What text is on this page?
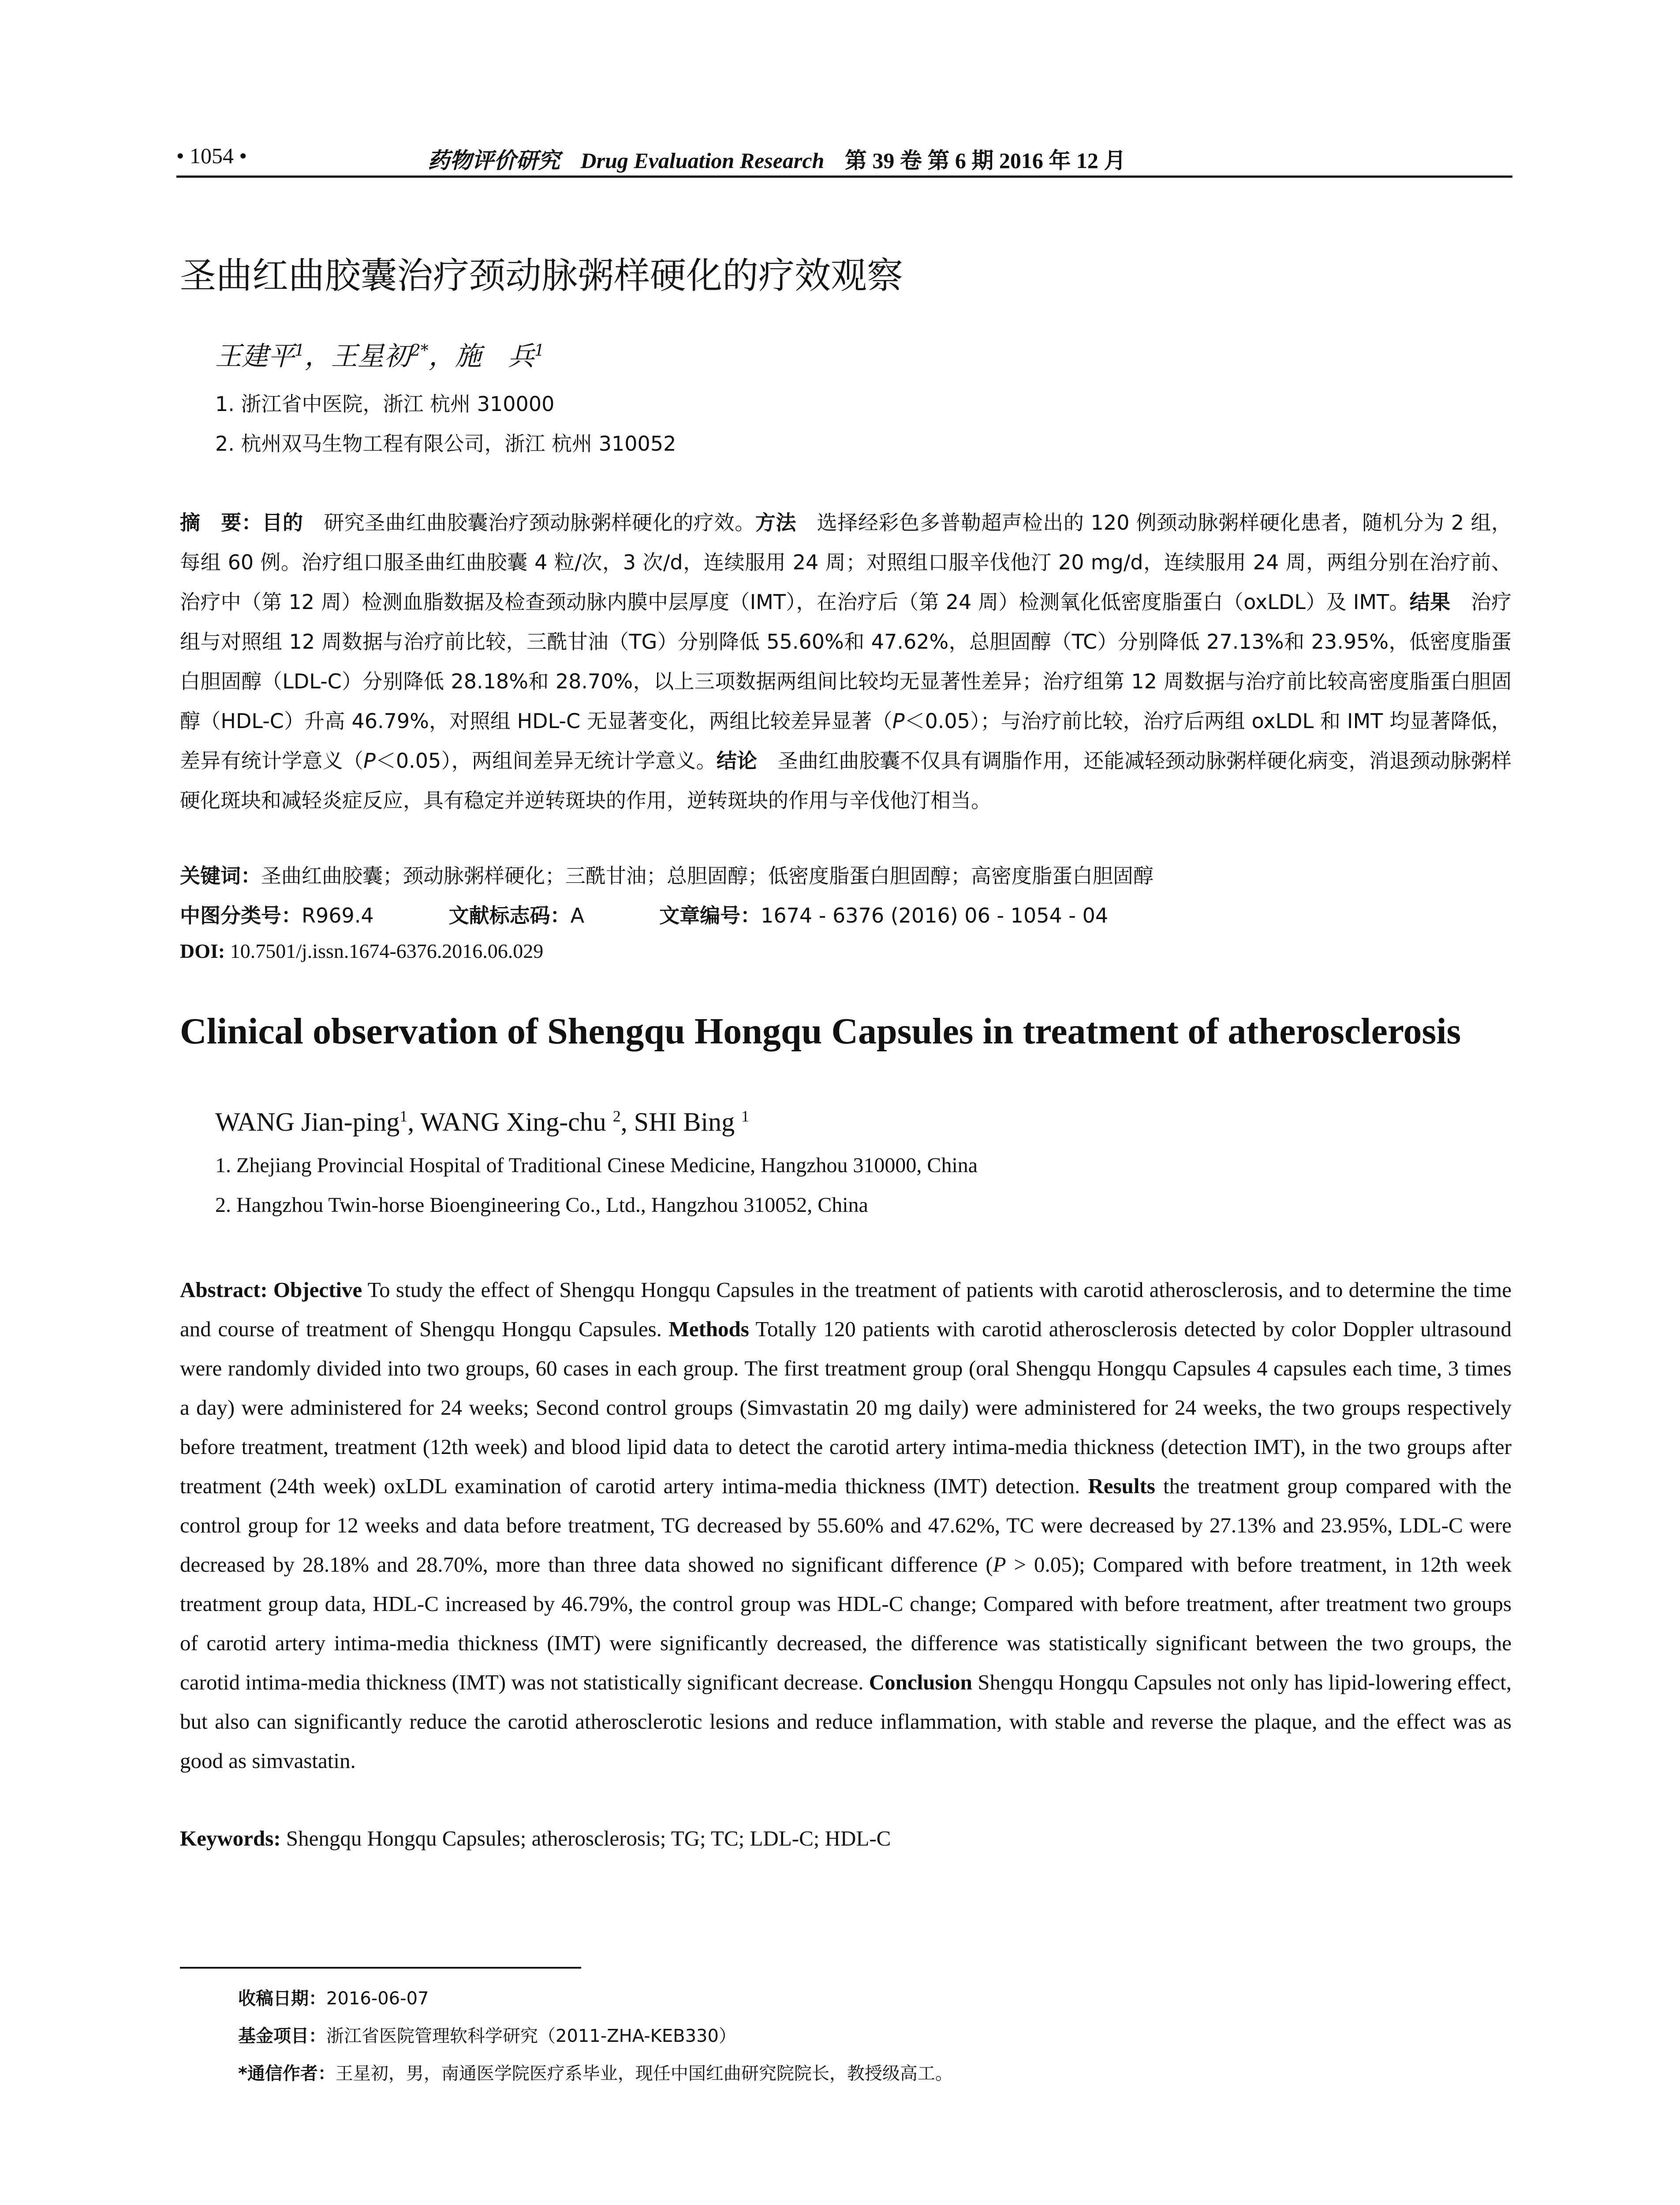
• 1054 •	药物评价研究 Drug Evaluation Research 第 39 卷 第 6 期 2016 年 12 月
圣曲红曲胶囊治疗颈动脉粥样硬化的疗效观察
王建平$^1$，王星初$^{2*}$，施　兵$^1$
1. 浙江省中医院，浙江 杭州 310000
2. 杭州双马生物工程有限公司，浙江 杭州 310052
摘　要：目的　研究圣曲红曲胶囊治疗颈动脉粥样硬化的疗效。方法　选择经彩色多普勒超声检出的 120 例颈动脉粥样硬化患者，随机分为 2 组，每组 60 例。治疗组口服圣曲红曲胶囊 4 粒/次，3 次/d，连续服用 24 周；对照组口服辛伐他汀 20 mg/d，连续服用 24 周，两组分别在治疗前、治疗中（第 12 周）检测血脂数据及检查颈动脉内膜中层厚度（IMT），在治疗后（第 24 周）检测氧化低密度脂蛋白（oxLDL）及 IMT。结果　治疗组与对照组 12 周数据与治疗前比较，三酰甘油（TG）分别降低 55.60%和 47.62%，总胆固醇（TC）分别降低 27.13%和 23.95%，低密度脂蛋白胆固醇（LDL-C）分别降低 28.18%和 28.70%，以上三项数据两组间比较均无显著性差异；治疗组第 12 周数据与治疗前比较高密度脂蛋白胆固醇（HDL-C）升高 46.79%，对照组 HDL-C 无显著变化，两组比较差异显著（P＜0.05）；与治疗前比较，治疗后两组 oxLDL 和 IMT 均显著降低，差异有统计学意义（P＜0.05），两组间差异无统计学意义。结论　圣曲红曲胶囊不仅具有调脂作用，还能减轻颈动脉粥样硬化病变，消退颈动脉粥样硬化斑块和减轻炎症反应，具有稳定并逆转斑块的作用，逆转斑块的作用与辛伐他汀相当。
关键词：圣曲红曲胶囊；颈动脉粥样硬化；三酰甘油；总胆固醇；低密度脂蛋白胆固醇；高密度脂蛋白胆固醇
中图分类号：R969.4	文献标志码：A	文章编号：1674 - 6376 (2016) 06 - 1054 - 04
DOI: 10.7501/j.issn.1674-6376.2016.06.029
Clinical observation of Shengqu Hongqu Capsules in treatment of atherosclerosis
WANG Jian-ping$^1$, WANG Xing-chu $^2$, SHI Bing $^1$
1. Zhejiang Provincial Hospital of Traditional Cinese Medicine, Hangzhou 310000, China
2. Hangzhou Twin-horse Bioengineering Co., Ltd., Hangzhou 310052, China
Abstract: Objective To study the effect of Shengqu Hongqu Capsules in the treatment of patients with carotid atherosclerosis, and to determine the time and course of treatment of Shengqu Hongqu Capsules. Methods Totally 120 patients with carotid atherosclerosis detected by color Doppler ultrasound were randomly divided into two groups, 60 cases in each group. The first treatment group (oral Shengqu Hongqu Capsules 4 capsules each time, 3 times a day) were administered for 24 weeks; Second control groups (Simvastatin 20 mg daily) were administered for 24 weeks, the two groups respectively before treatment, treatment (12th week) and blood lipid data to detect the carotid artery intima-media thickness (detection IMT), in the two groups after treatment (24th week) oxLDL examination of carotid artery intima-media thickness (IMT) detection. Results the treatment group compared with the control group for 12 weeks and data before treatment, TG decreased by 55.60% and 47.62%, TC were decreased by 27.13% and 23.95%, LDL-C were decreased by 28.18% and 28.70%, more than three data showed no significant difference (P > 0.05); Compared with before treatment, in 12th week treatment group data, HDL-C increased by 46.79%, the control group was HDL-C change; Compared with before treatment, after treatment two groups of carotid artery intima-media thickness (IMT) were significantly decreased, the difference was statistically significant between the two groups, the carotid intima-media thickness (IMT) was not statistically significant decrease. Conclusion Shengqu Hongqu Capsules not only has lipid-lowering effect, but also can significantly reduce the carotid atherosclerotic lesions and reduce inflammation, with stable and reverse the plaque, and the effect was as good as simvastatin.
Keywords: Shengqu Hongqu Capsules; atherosclerosis; TG; TC; LDL-C; HDL-C
收稿日期：2016-06-07
基金项目：浙江省医院管理软科学研究（2011-ZHA-KEB330）
*通信作者：王星初，男，南通医学院医疗系毕业，现任中国红曲研究院院长，教授级高工。
